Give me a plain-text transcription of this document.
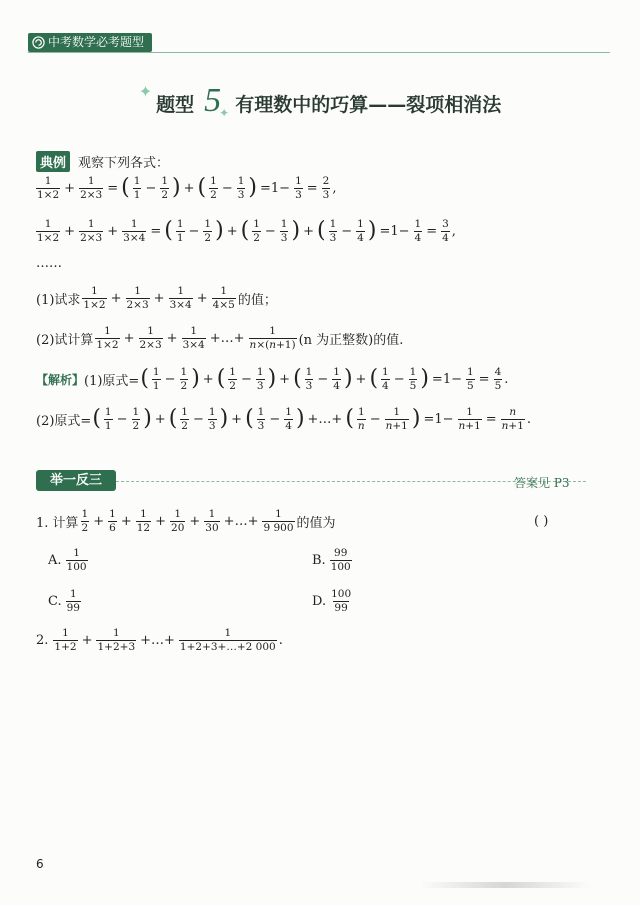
中考数学必考题型
✦
题型 5
✦ 有理数中的巧算——裂项相消法
典例 观察下列各式：
1
$1\times 2 + \frac{1}{2\times 3}$ = ( 1
$1 - \frac{1}{2}$ ) + ( 1
$2 - \frac{1}{3}$ ) $=1- \frac{1}{3} = \frac{2}{3}$ ,
1
$1\times 2 + \frac{1}{2\times 3} + \frac{1}{3\times 4}$ = ( 1
$1 - \frac{1}{2}$ ) + ( 1
$2 - \frac{1}{3}$ ) + ( 1
$3 - \frac{1}{4}$ ) $=1- \frac{1}{4} = \frac{3}{4}$ ,
……
(1)试求
1
$1\times 2 + \frac{1}{2\times 3} + \frac{1}{3\times 4} + \frac{1}{4\times 5}$ 的值；
(2)试计算
1
$1\times 2 + \frac{1}{2\times 3} + \frac{1}{3\times 4}$ +…+ $\frac{1}{n\times(n+1)} (n$ 为正整数)的值.
【解析】 (1)原式= ( 1
$1 - \frac{1}{2}$ ) + ( 1
$2 - \frac{1}{3}$ ) + ( 1
$3 - \frac{1}{4}$ ) + ( 1
$4 - \frac{1}{5}$ ) $=1- \frac{1}{5} = \frac{4}{5}$ .
(2)原式= ( 1
$1 - \frac{1}{2}$ ) + ( 1
$2 - \frac{1}{3}$ ) + ( 1
$3 - \frac{1}{4}$ ) +…+ ( 1
$n - \frac{1}{n+1}$ ) $=1- \frac{1}{n+1} = \frac{n}{n+1}$ .
举一反三	答案见 P3
1. 计算
1
$2 + \frac{1}{6} + \frac{1}{12} + \frac{1}{20} + \frac{1}{30}$ +…+ $\frac{1}{9 900}$ 的值为	( )
A. $\frac{1}{100}$	B. $\frac{99}{100}$
C. $\frac{1}{99}$	D. $\frac{100}{99}$
2. 1
$1+2 + \frac{1}{1+2+3}$ +…+ $\frac{1}{1+2+3+\dots+2 000}$ .
6
